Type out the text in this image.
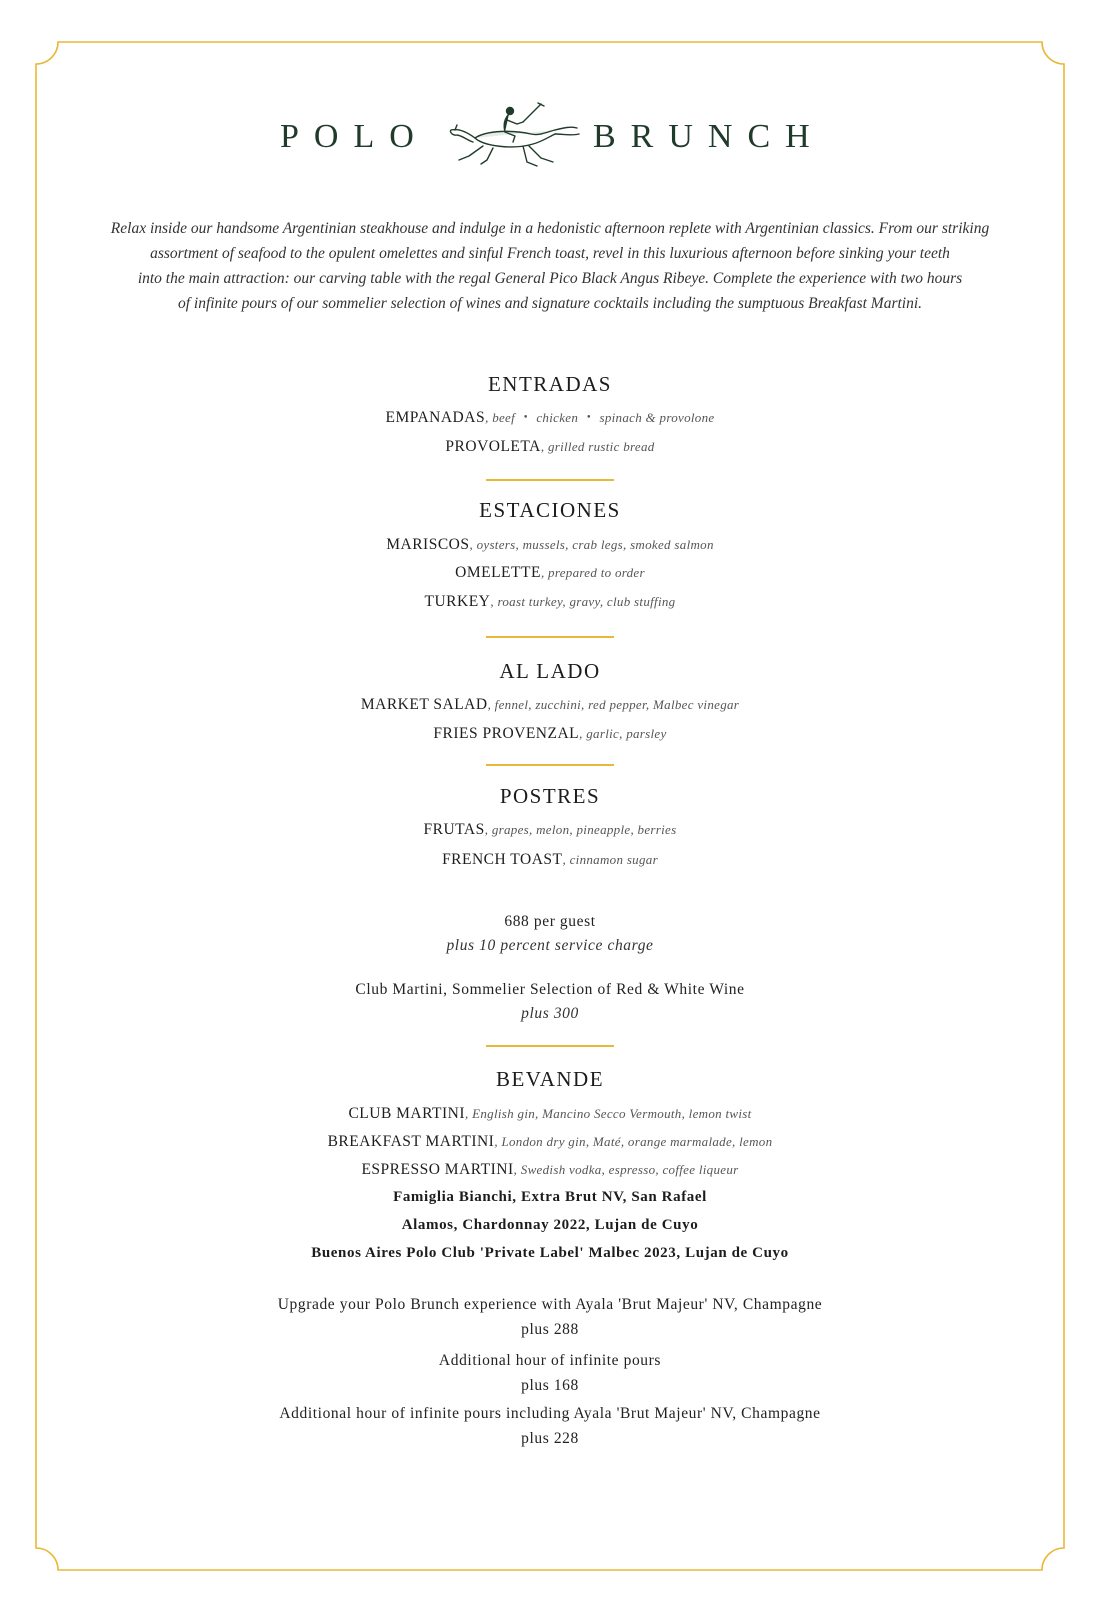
POLO	BRUNCH
Relax inside our handsome Argentinian steakhouse and indulge in a hedonistic afternoon replete with Argentinian classics. From our striking
assortment of seafood to the opulent omelettes and sinful French toast, revel in this luxurious afternoon before sinking your teeth
into the main attraction: our carving table with the regal General Pico Black Angus Ribeye. Complete the experience with two hours
of infinite pours of our sommelier selection of wines and signature cocktails including the sumptuous Breakfast Martini.
ENTRADAS
EMPANADAS, beef • chicken • spinach & provolone
PROVOLETA, grilled rustic bread
ESTACIONES
MARISCOS, oysters, mussels, crab legs, smoked salmon
OMELETTE, prepared to order
TURKEY, roast turkey, gravy, club stuffing
AL LADO
MARKET SALAD, fennel, zucchini, red pepper, Malbec vinegar
FRIES PROVENZAL, garlic, parsley
POSTRES
FRUTAS, grapes, melon, pineapple, berries
FRENCH TOAST, cinnamon sugar
688 per guest
plus 10 percent service charge
Club Martini, Sommelier Selection of Red & White Wine
plus 300
BEVANDE
CLUB MARTINI, English gin, Mancino Secco Vermouth, lemon twist
BREAKFAST MARTINI, London dry gin, Maté, orange marmalade, lemon
ESPRESSO MARTINI, Swedish vodka, espresso, coffee liqueur
Famiglia Bianchi, Extra Brut NV, San Rafael
Alamos, Chardonnay 2022, Lujan de Cuyo
Buenos Aires Polo Club 'Private Label' Malbec 2023, Lujan de Cuyo
Upgrade your Polo Brunch experience with Ayala 'Brut Majeur' NV, Champagne
plus 288
Additional hour of infinite pours
plus 168
Additional hour of infinite pours including Ayala 'Brut Majeur' NV, Champagne
plus 228
